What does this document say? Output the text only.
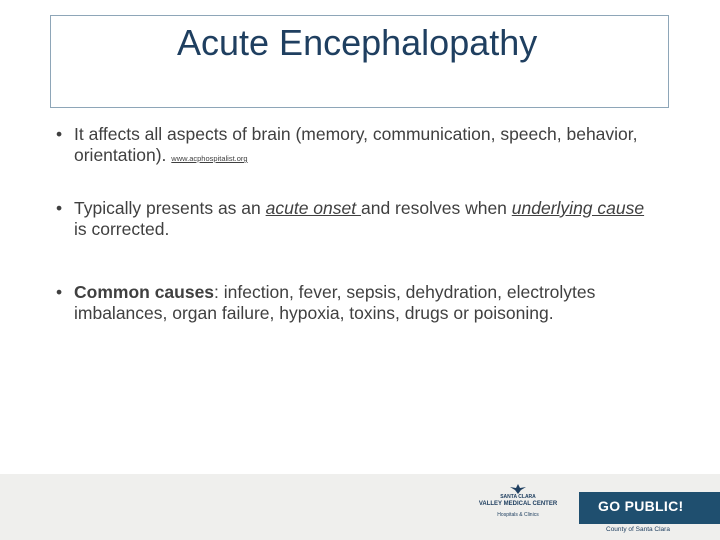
Acute Encephalopathy
• It affects all aspects of brain (memory, communication, speech, behavior, orientation). www.acphospitalist.org
• Typically presents as an acute onset and resolves when underlying cause is corrected.
• Common causes: infection, fever, sepsis, dehydration, electrolytes imbalances, organ failure, hypoxia, toxins, drugs or poisoning.
SANTA CLARA
VALLEY MEDICAL CENTER
Hospitals & Clinics
GO PUBLIC!
County of Santa Clara
